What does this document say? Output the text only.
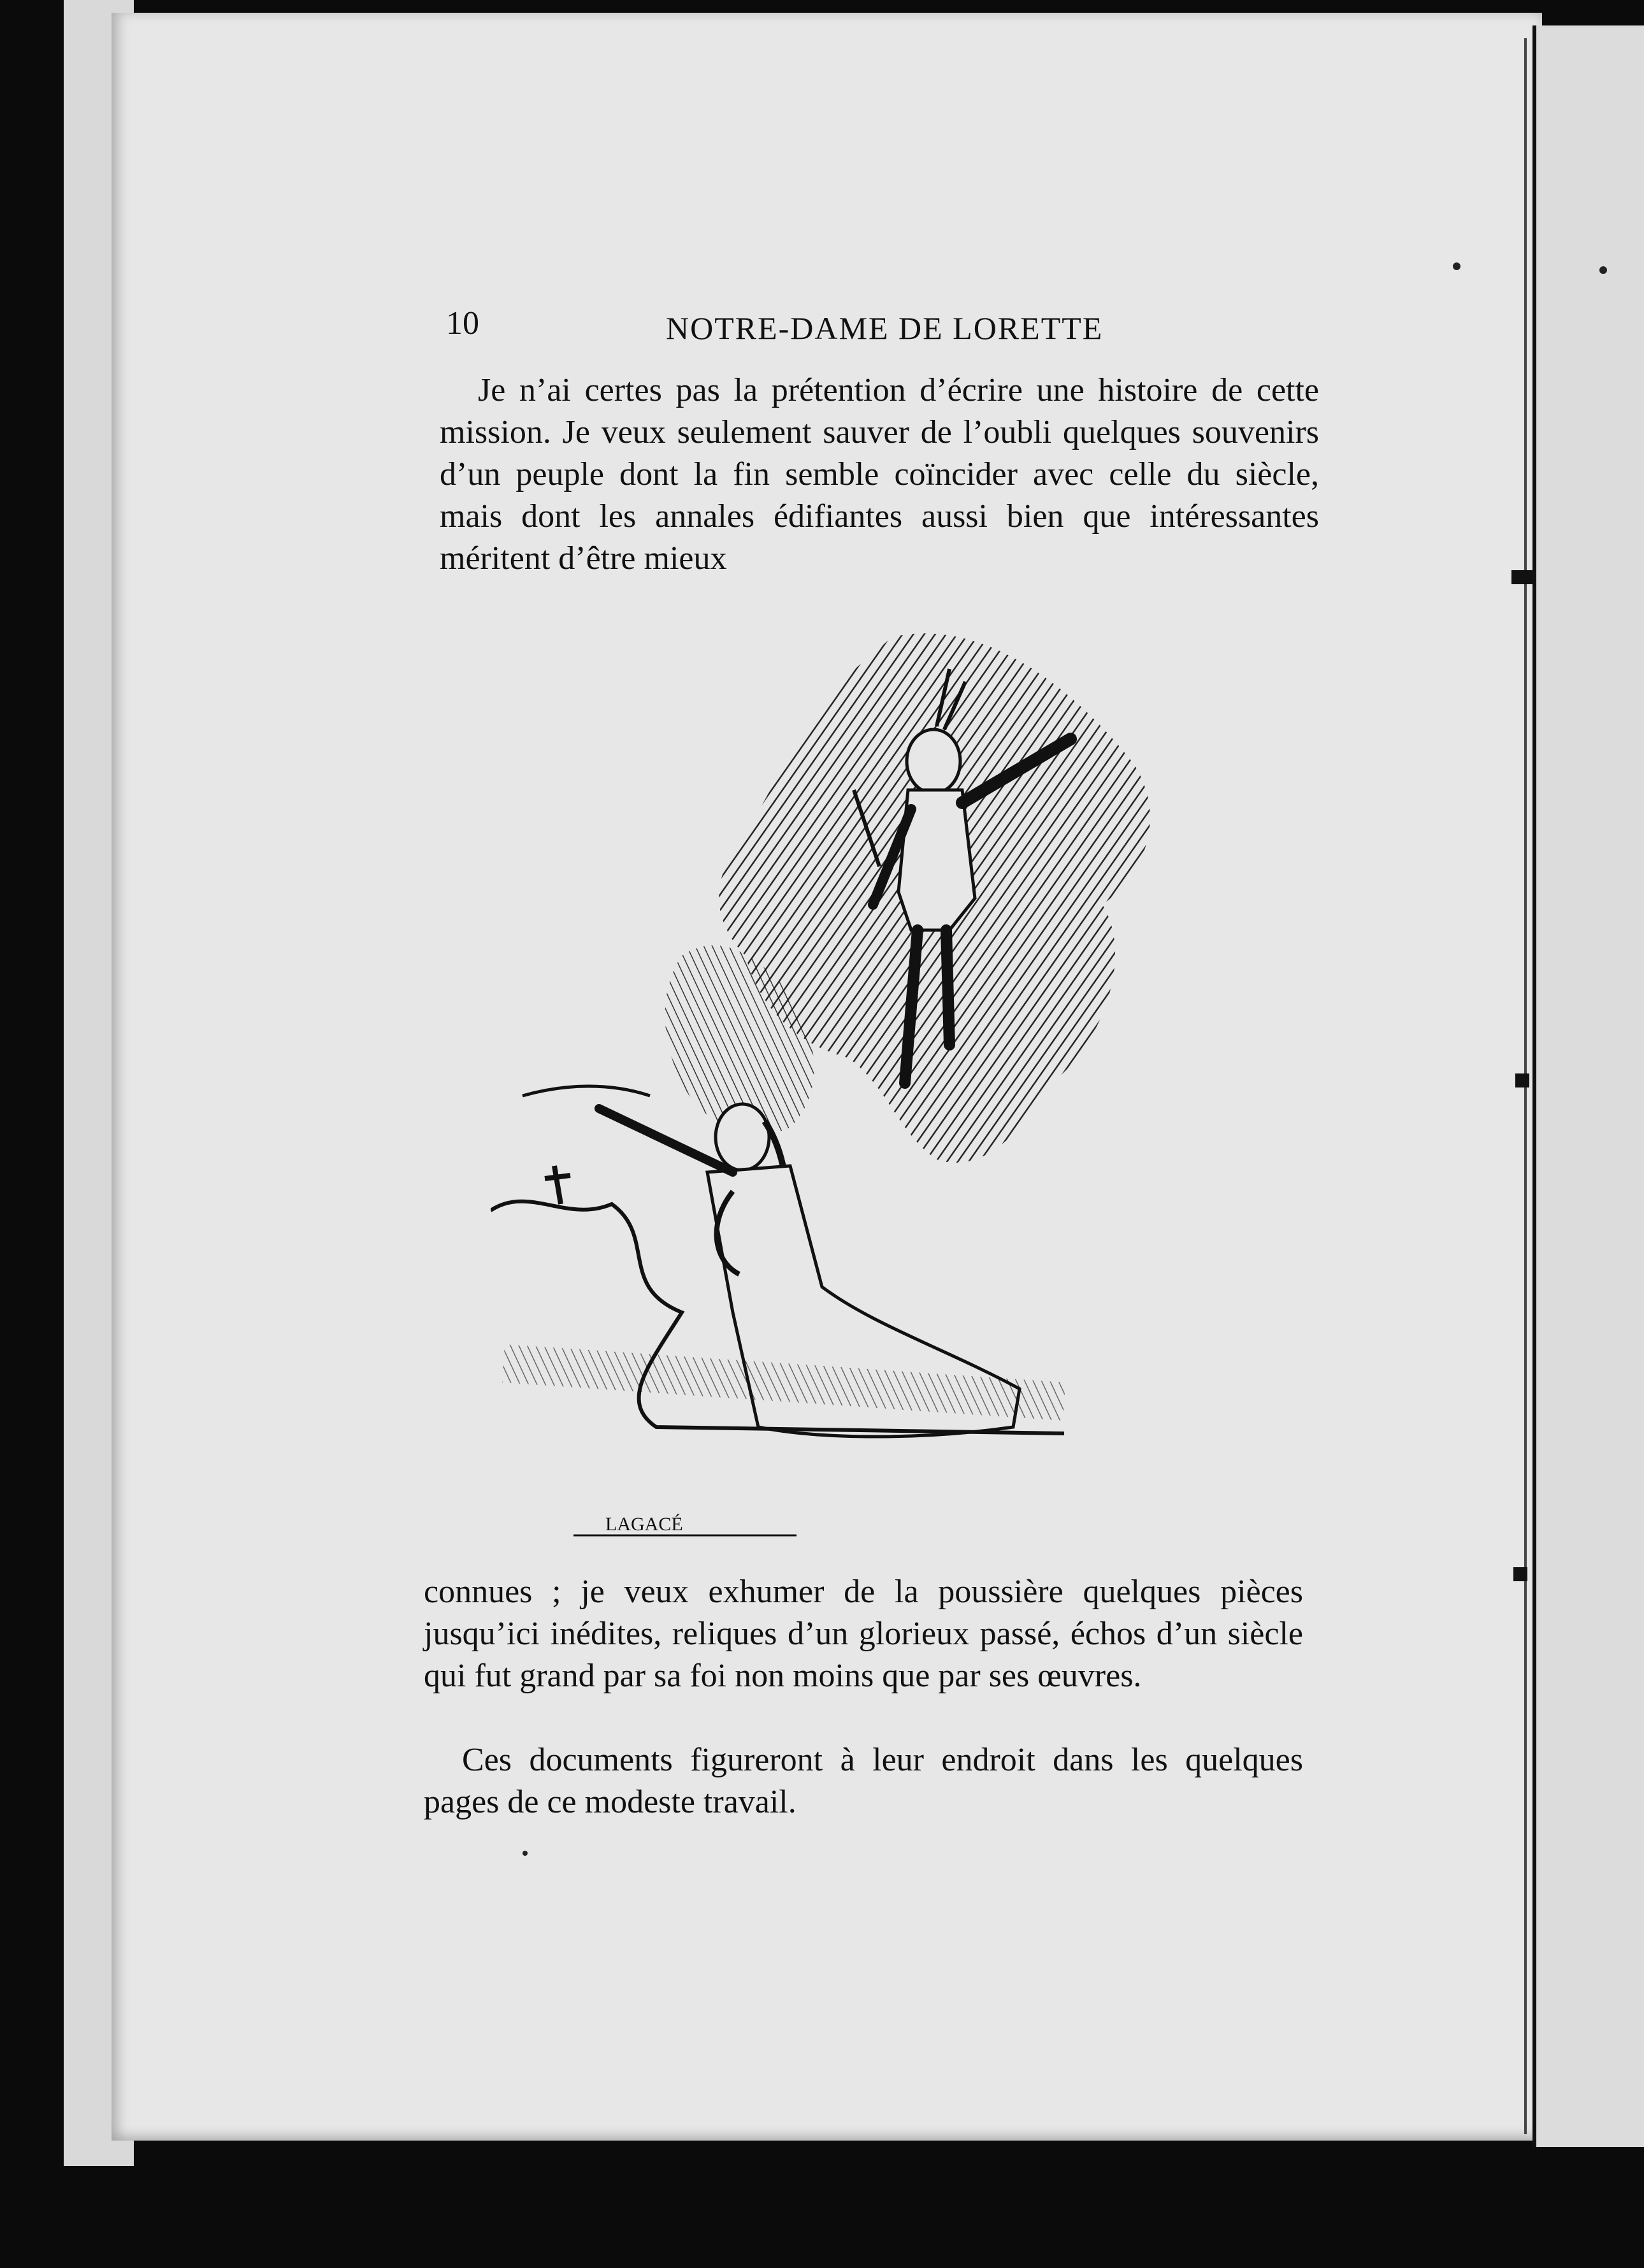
10	NOTRE-DAME DE LORETTE
Je n’ai certes pas la prétention d’écrire une histoire de cette mission. Je veux seulement sauver de l’oubli quelques souvenirs d’un peuple dont la fin semble coïncider avec celle du siècle, mais dont les annales édifiantes aussi bien que intéressantes méritent d’être mieux
LAGACÉ
connues ; je veux exhumer de la poussière quelques pièces jusqu’ici inédites, reliques d’un glorieux passé, échos d’un siècle qui fut grand par sa foi non moins que par ses œuvres.
Ces documents figureront à leur endroit dans les quelques pages de ce modeste travail.
